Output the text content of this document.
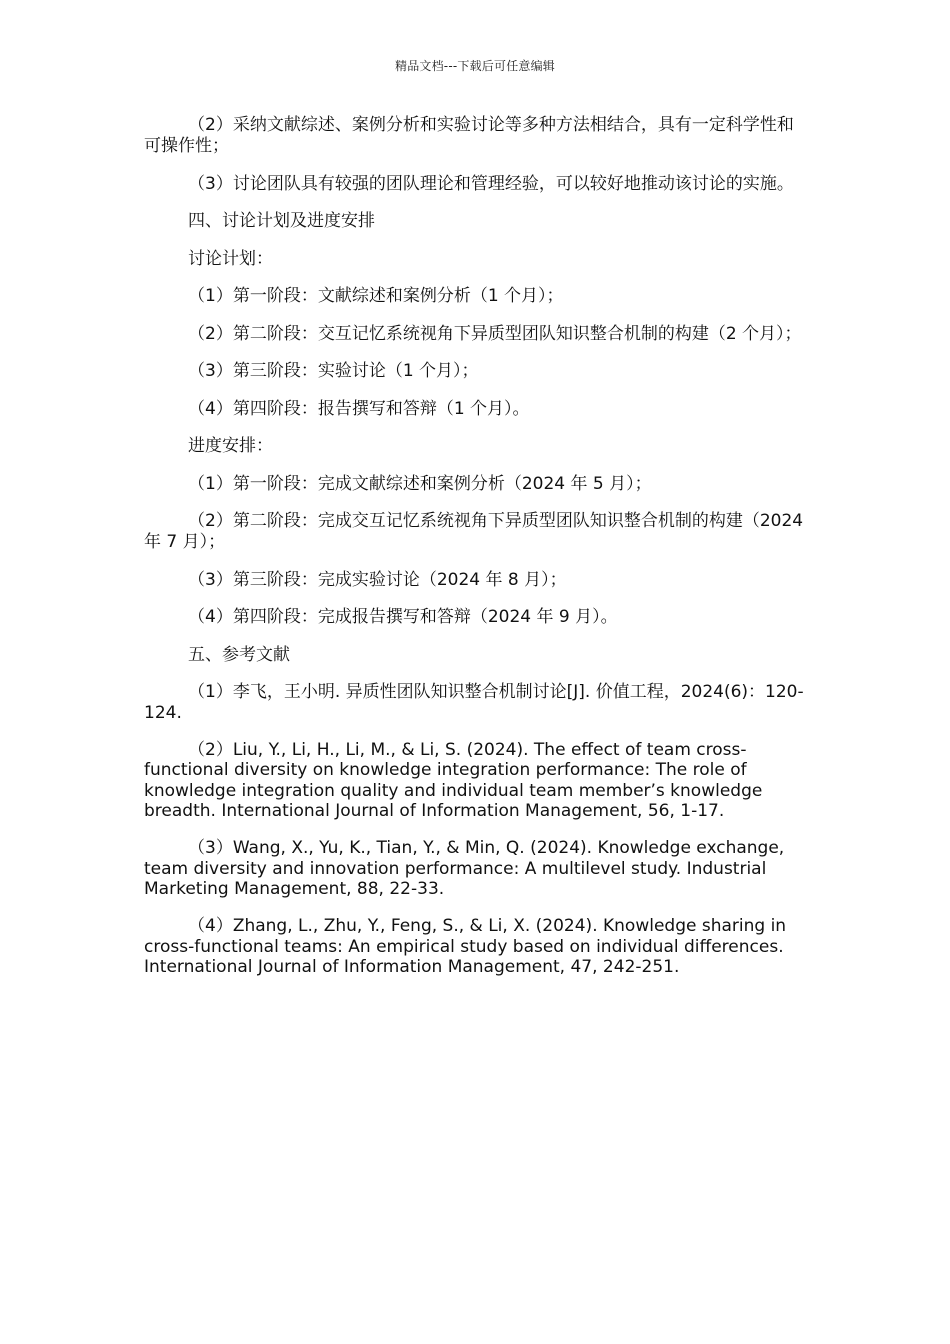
精品文档---下载后可任意编辑

（2）采纳文献综述、案例分析和实验讨论等多种方法相结合，具有一定科学性和可操作性；

（3）讨论团队具有较强的团队理论和管理经验，可以较好地推动该讨论的实施。

四、讨论计划及进度安排

讨论计划：

（1）第一阶段：文献综述和案例分析（1 个月）；

（2）第二阶段：交互记忆系统视角下异质型团队知识整合机制的构建（2 个月）；

（3）第三阶段：实验讨论（1 个月）；

（4）第四阶段：报告撰写和答辩（1 个月）。

进度安排：

（1）第一阶段：完成文献综述和案例分析（2024 年 5 月）；

（2）第二阶段：完成交互记忆系统视角下异质型团队知识整合机制的构建（2024 年 7 月）；

（3）第三阶段：完成实验讨论（2024 年 8 月）；

（4）第四阶段：完成报告撰写和答辩（2024 年 9 月）。

五、参考文献

（1）李飞，王小明. 异质性团队知识整合机制讨论[J]. 价值工程，2024(6)：120-124.

（2）Liu, Y., Li, H., Li, M., & Li, S. (2024). The effect of team cross-functional diversity on knowledge integration performance: The role of knowledge integration quality and individual team member’s knowledge breadth. International Journal of Information Management, 56, 1-17.

（3）Wang, X., Yu, K., Tian, Y., & Min, Q. (2024). Knowledge exchange, team diversity and innovation performance: A multilevel study. Industrial Marketing Management, 88, 22-33.

（4）Zhang, L., Zhu, Y., Feng, S., & Li, X. (2024). Knowledge sharing in cross-functional teams: An empirical study based on individual differences. International Journal of Information Management, 47, 242-251.
